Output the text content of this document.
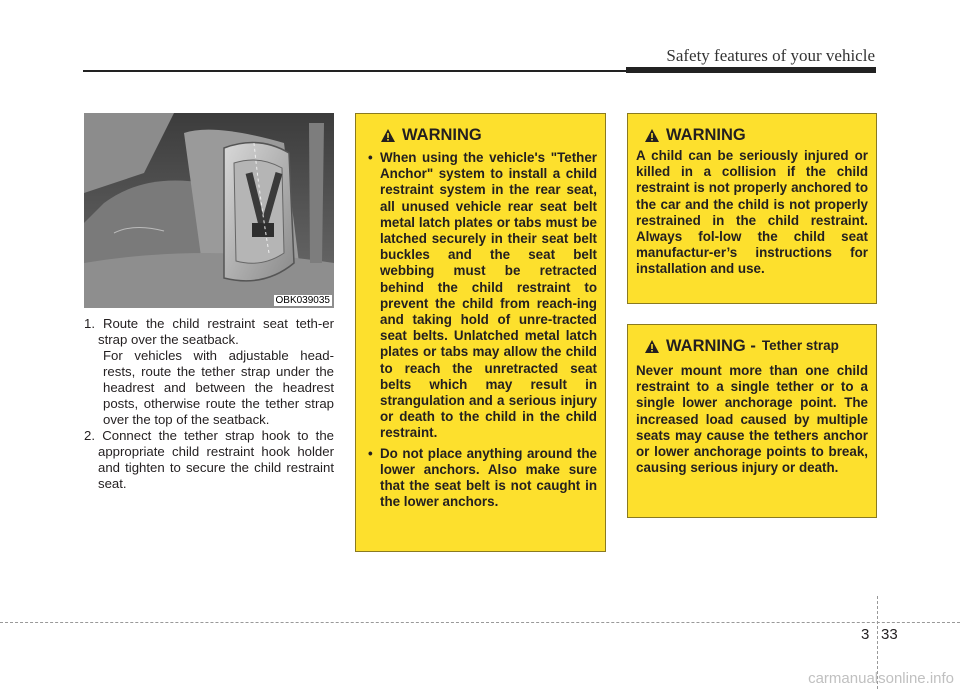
Safety features of your vehicle
OBK039035

1. Route the child restraint seat teth-er strap over the seatback.

For vehicles with adjustable head-rests, route the tether strap under the headrest and between the headrest posts, otherwise route the tether strap over the top of the seatback.

2. Connect the tether strap hook to the appropriate child restraint hook holder and tighten to secure the child restraint seat.

WARNING
• When using the vehicle's "Tether Anchor" system to install a child restraint system in the rear seat, all unused vehicle rear seat belt metal latch plates or tabs must be latched securely in their seat belt buckles and the seat belt webbing must be retracted behind the child restraint to prevent the child from reach-ing and taking hold of unre-tracted seat belts. Unlatched metal latch plates or tabs may allow the child to reach the unretracted seat belts which may result in strangulation and a serious injury or death to the child in the child restraint.
• Do not place anything around the lower anchors. Also make sure that the seat belt is not caught in the lower anchors.
WARNING

A child can be seriously injured or killed in a collision if the child restraint is not properly anchored to the car and the child is not properly restrained in the child restraint. Always fol-low the child seat manufactur-er’s instructions for installation and use.

WARNING - Tether strap

Never mount more than one child restraint to a single tether or to a single lower anchorage point. The increased load caused by multiple seats may cause the tethers anchor or lower anchorage points to break, causing serious injury or death.

3 33
carmanualsonline.info
